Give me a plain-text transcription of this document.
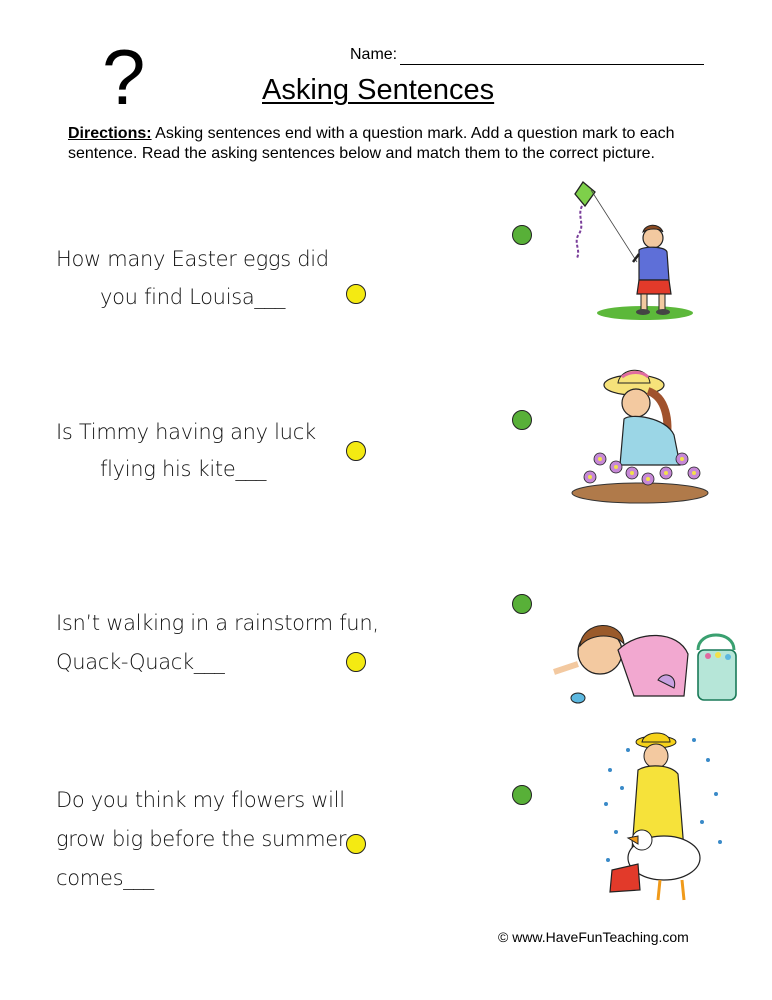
?	Name:
Asking Sentences
Directions: Asking sentences end with a question mark. Add a question mark to each sentence. Read the asking sentences below and match them to the correct picture.
How many Easter eggs did
you find Louisa___
Is Timmy having any luck
flying his kite___
Isn’t walking in a rainstorm fun,
Quack-Quack___
Do you think my flowers will
grow big before the summer
comes___
© www.HaveFunTeaching.com
